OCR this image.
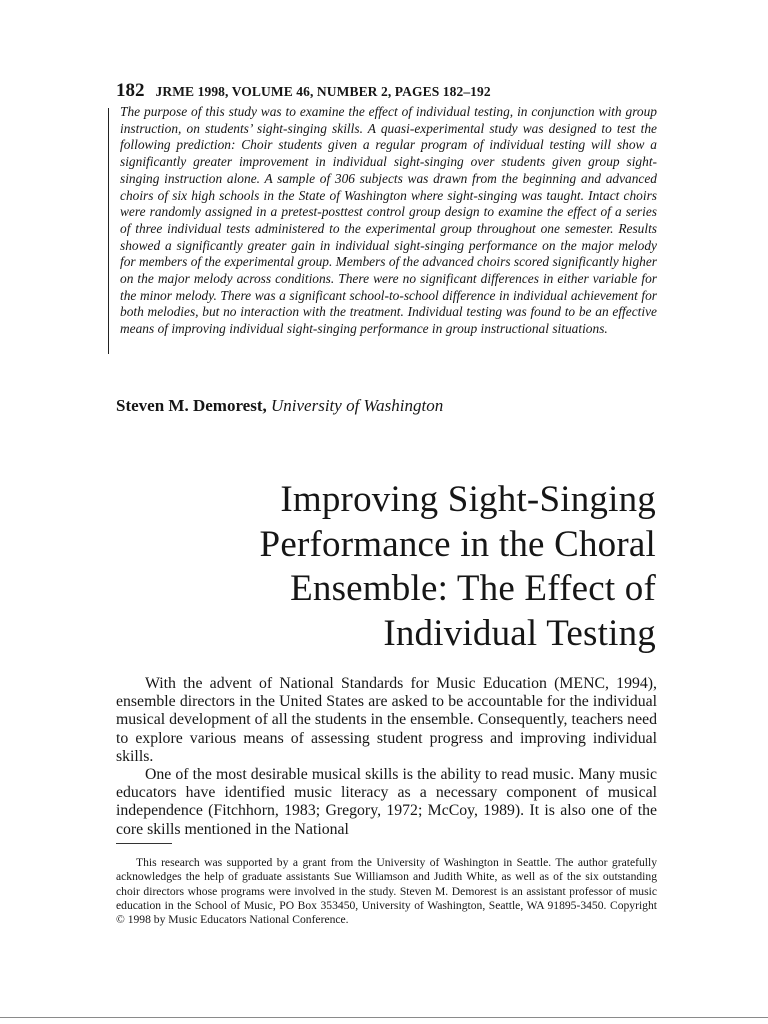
182 JRME 1998, VOLUME 46, NUMBER 2, PAGES 182–192

The purpose of this study was to examine the effect of individual testing, in conjunction with group instruction, on students’ sight-singing skills. A quasi-experimental study was designed to test the following prediction: Choir students given a regular program of individual testing will show a significantly greater improvement in individual sight-singing over students given group sight-singing instruction alone. A sample of 306 subjects was drawn from the beginning and advanced choirs of six high schools in the State of Washington where sight-singing was taught. Intact choirs were randomly assigned in a pretest-posttest control group design to examine the effect of a series of three individual tests administered to the experimental group throughout one semester. Results showed a significantly greater gain in individual sight-singing performance on the major melody for members of the experimental group. Members of the advanced choirs scored significantly higher on the major melody across conditions. There were no significant differences in either variable for the minor melody. There was a significant school-to-school difference in individual achievement for both melodies, but no interaction with the treatment. Individual testing was found to be an effective means of improving individual sight-singing performance in group instructional situations.

Steven M. Demorest, University of Washington
Improving Sight-Singing
Performance in the Choral
Ensemble: The Effect of
Individual Testing

With the advent of National Standards for Music Education (MENC, 1994), ensemble directors in the United States are asked to be accountable for the individual musical development of all the students in the ensemble. Consequently, teachers need to explore various means of assessing student progress and improving individual skills.

One of the most desirable musical skills is the ability to read music. Many music educators have identified music literacy as a necessary component of musical independence (Fitchhorn, 1983; Gregory, 1972; McCoy, 1989). It is also one of the core skills mentioned in the National

This research was supported by a grant from the University of Washington in Seattle. The author gratefully acknowledges the help of graduate assistants Sue Williamson and Judith White, as well as of the six outstanding choir directors whose programs were involved in the study. Steven M. Demorest is an assistant professor of music education in the School of Music, PO Box 353450, University of Washington, Seattle, WA 91895-3450. Copyright © 1998 by Music Educators National Conference.
